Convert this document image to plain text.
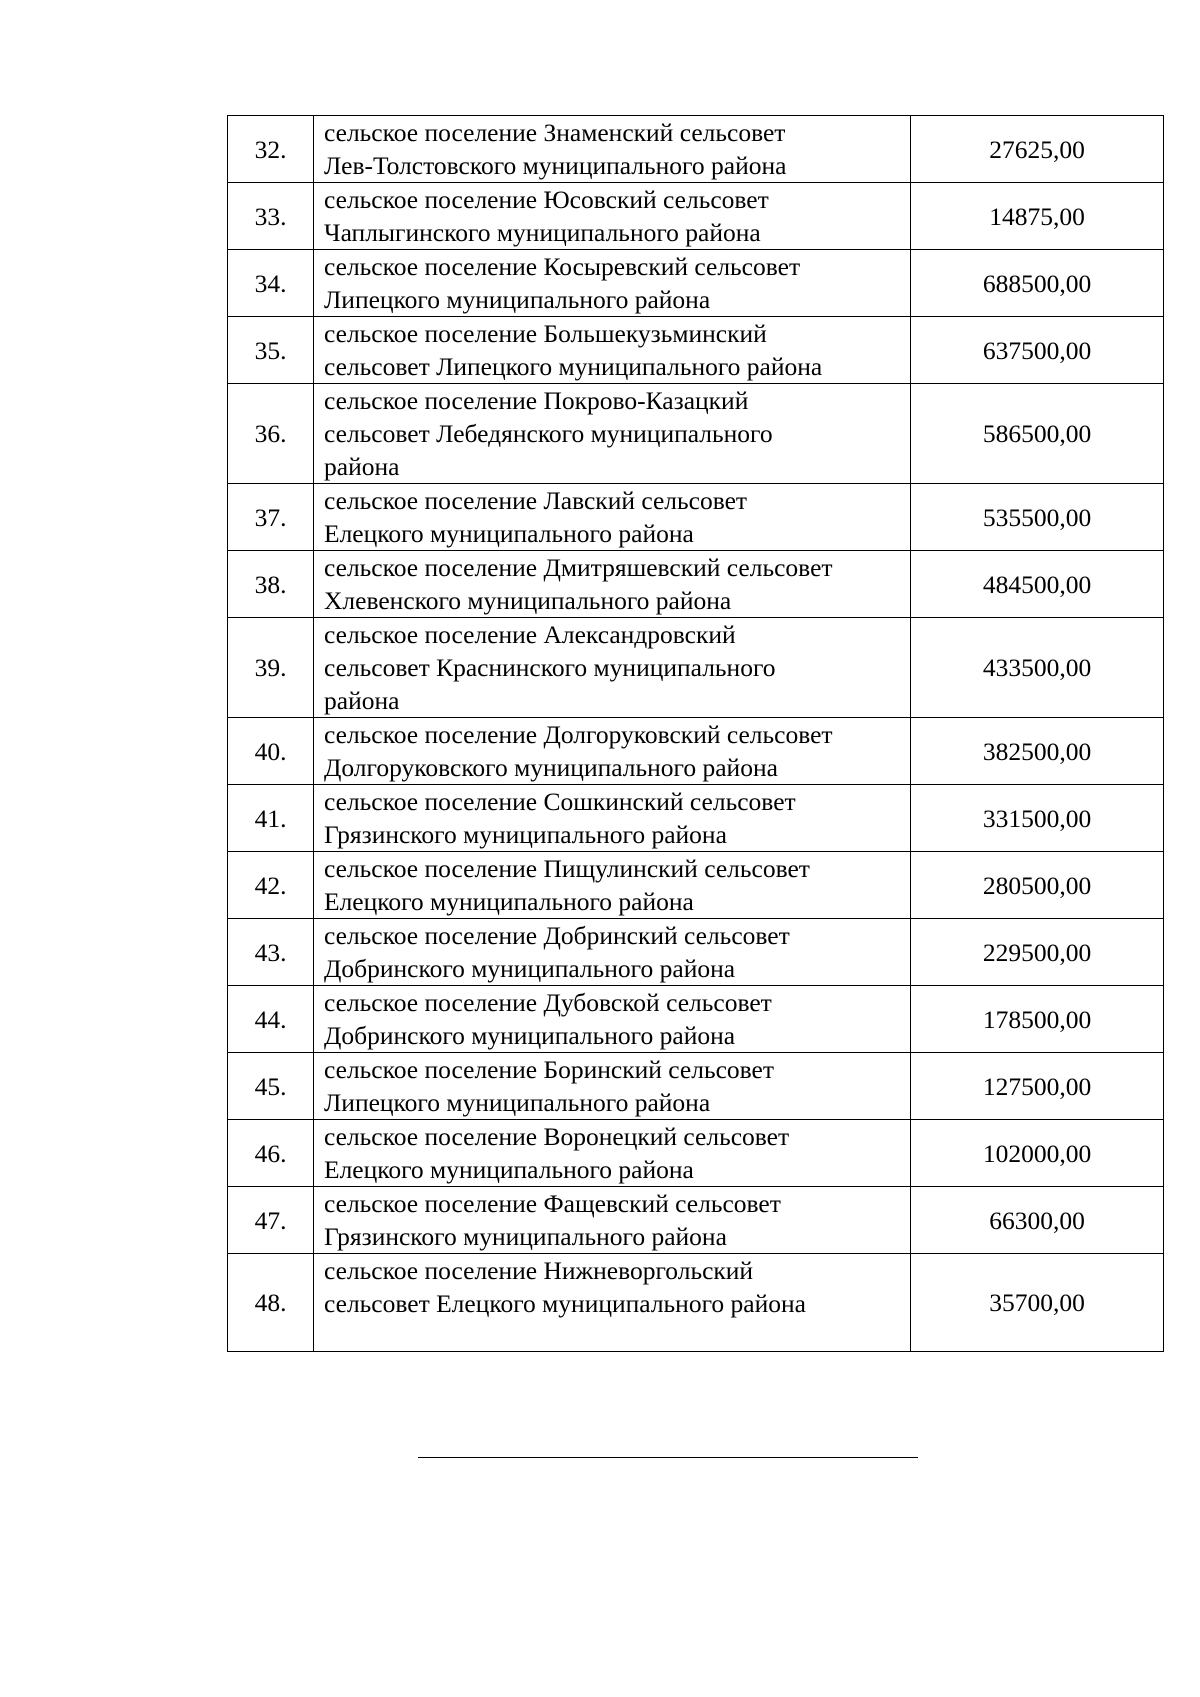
32.	сельское поселение Знаменский сельсовет
Лев-Толстовского муниципального района	27625,00
33.	сельское поселение Юсовский сельсовет
Чаплыгинского муниципального района	14875,00
34.	сельское поселение Косыревский сельсовет
Липецкого муниципального района	688500,00
35.	сельское поселение Большекузьминский
сельсовет Липецкого муниципального района	637500,00
36.	сельское поселение Покрово-Казацкий
сельсовет Лебедянского муниципального
района	586500,00
37.	сельское поселение Лавский сельсовет
Елецкого муниципального района	535500,00
38.	сельское поселение Дмитряшевский сельсовет
Хлевенского муниципального района	484500,00
39.	сельское поселение Александровский
сельсовет Краснинского муниципального
района	433500,00
40.	сельское поселение Долгоруковский сельсовет
Долгоруковского муниципального района	382500,00
41.	сельское поселение Сошкинский сельсовет
Грязинского муниципального района	331500,00
42.	сельское поселение Пищулинский сельсовет
Елецкого муниципального района	280500,00
43.	сельское поселение Добринский сельсовет
Добринского муниципального района	229500,00
44.	сельское поселение Дубовской сельсовет
Добринского муниципального района	178500,00
45.	сельское поселение Боринский сельсовет
Липецкого муниципального района	127500,00
46.	сельское поселение Воронецкий сельсовет
Елецкого муниципального района	102000,00
47.	сельское поселение Фащевский сельсовет
Грязинского муниципального района	66300,00
48.	сельское поселение Нижневоргольский
сельсовет Елецкого муниципального района	35700,00
